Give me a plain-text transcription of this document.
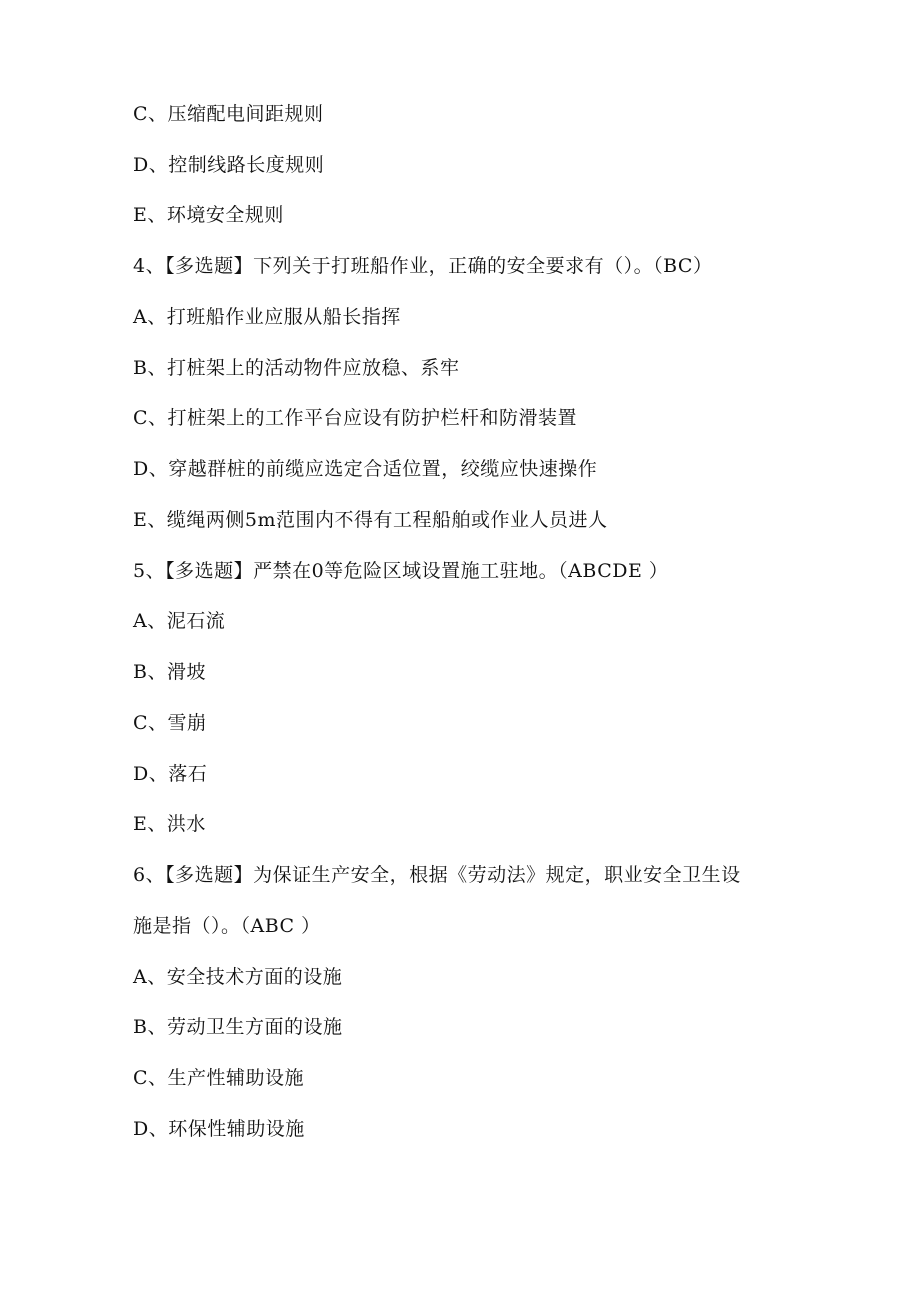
C、压缩配电间距规则
D、控制线路长度规则
E、环境安全规则
4、【多选题】下列关于打班船作业，正确的安全要求有（）。（BC）
A、打班船作业应服从船长指挥
B、打桩架上的活动物件应放稳、系牢
C、打桩架上的工作平台应设有防护栏杆和防滑装置
D、穿越群桩的前缆应选定合适位置，绞缆应快速操作
E、缆绳两侧5m范围内不得有工程船舶或作业人员进人
5、【多选题】严禁在0等危险区域设置施工驻地。（ABCDE ）
A、泥石流
B、滑坡
C、雪崩
D、落石
E、洪水
6、【多选题】为保证生产安全，根据《劳动法》规定，职业安全卫生设
施是指（）。（ABC ）
A、安全技术方面的设施
B、劳动卫生方面的设施
C、生产性辅助设施
D、环保性辅助设施
